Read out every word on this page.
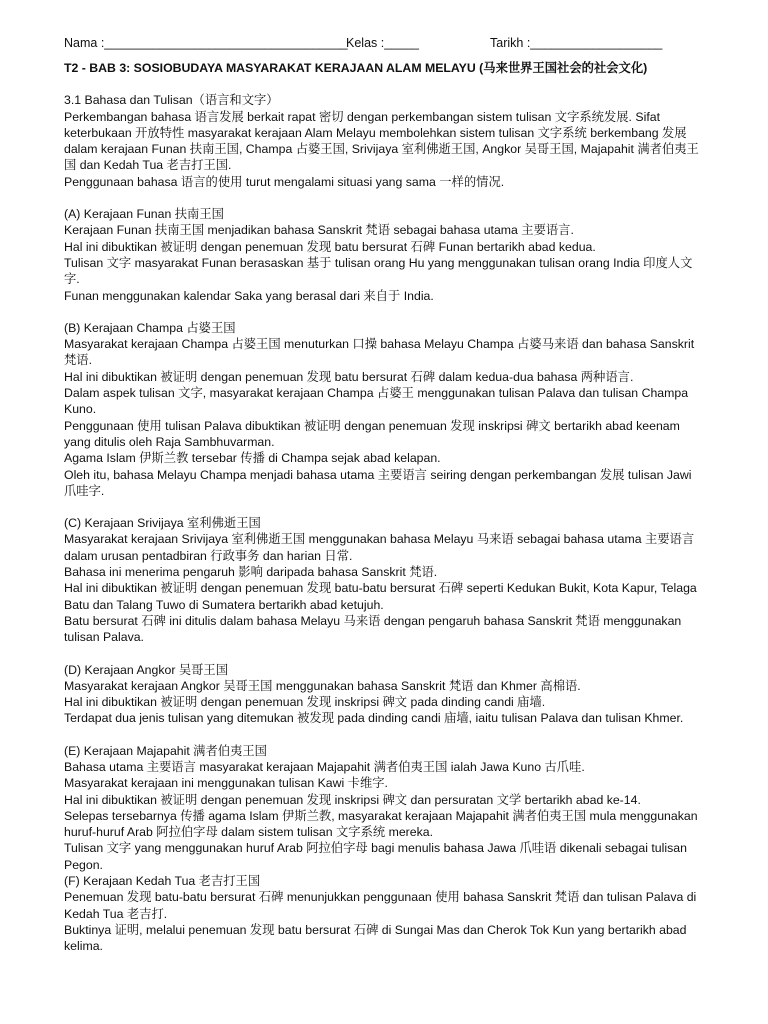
Nama :___________________________________
Kelas :_____	Tarikh :___________________

T2 - BAB 3: SOSIOBUDAYA MASYARAKAT KERAJAAN ALAM MELAYU (马来世界王国社会的社会文化)

3.1 Bahasa dan Tulisan（语言和文字）

Perkembangan bahasa 语言发展 berkait rapat 密切 dengan perkembangan sistem tulisan 文字系统发展. Sifat keterbukaan 开放特性 masyarakat kerajaan Alam Melayu membolehkan sistem tulisan 文字系统 berkembang 发展 dalam kerajaan Funan 扶南王国, Champa 占婆王国, Srivijaya 室利佛逝王国, Angkor 吴哥王国, Majapahit 满者伯夷王国 dan Kedah Tua 老吉打王国.

Penggunaan bahasa 语言的使用 turut mengalami situasi yang sama 一样的情况.

(A) Kerajaan Funan 扶南王国

Kerajaan Funan 扶南王国 menjadikan bahasa Sanskrit 梵语 sebagai bahasa utama 主要语言.

Hal ini dibuktikan 被证明 dengan penemuan 发现 batu bersurat 石碑 Funan bertarikh abad kedua.

Tulisan 文字 masyarakat Funan berasaskan 基于 tulisan orang Hu yang menggunakan tulisan orang India 印度人文字.

Funan menggunakan kalendar Saka yang berasal dari 来自于 India.

(B) Kerajaan Champa 占婆王国

Masyarakat kerajaan Champa 占婆王国 menuturkan 口操 bahasa Melayu Champa 占婆马来语 dan bahasa Sanskrit 梵语.

Hal ini dibuktikan 被证明 dengan penemuan 发现 batu bersurat 石碑 dalam kedua-dua bahasa 两种语言.

Dalam aspek tulisan 文字, masyarakat kerajaan Champa 占婆王 menggunakan tulisan Palava dan tulisan Champa Kuno.

Penggunaan 使用 tulisan Palava dibuktikan 被证明 dengan penemuan 发现 inskripsi 碑文 bertarikh abad keenam yang ditulis oleh Raja Sambhuvarman.

Agama Islam 伊斯兰教 tersebar 传播 di Champa sejak abad kelapan.

Oleh itu, bahasa Melayu Champa menjadi bahasa utama 主要语言 seiring dengan perkembangan 发展 tulisan Jawi 爪哇字.

(C) Kerajaan Srivijaya 室利佛逝王国

Masyarakat kerajaan Srivijaya 室利佛逝王国 menggunakan bahasa Melayu 马来语 sebagai bahasa utama 主要语言 dalam urusan pentadbiran 行政事务 dan harian 日常.

Bahasa ini menerima pengaruh 影响 daripada bahasa Sanskrit 梵语.

Hal ini dibuktikan 被证明 dengan penemuan 发现 batu-batu bersurat 石碑 seperti Kedukan Bukit, Kota Kapur, Telaga Batu dan Talang Tuwo di Sumatera bertarikh abad ketujuh.

Batu bersurat 石碑 ini ditulis dalam bahasa Melayu 马来语 dengan pengaruh bahasa Sanskrit 梵语 menggunakan tulisan Palava.

(D) Kerajaan Angkor 吴哥王国

Masyarakat kerajaan Angkor 吴哥王国 menggunakan bahasa Sanskrit 梵语 dan Khmer 高棉语.

Hal ini dibuktikan 被证明 dengan penemuan 发现 inskripsi 碑文 pada dinding candi 庙墙.

Terdapat dua jenis tulisan yang ditemukan 被发现 pada dinding candi 庙墙, iaitu tulisan Palava dan tulisan Khmer.

(E) Kerajaan Majapahit 满者伯夷王国

Bahasa utama 主要语言 masyarakat kerajaan Majapahit 满者伯夷王国 ialah Jawa Kuno 古爪哇.

Masyarakat kerajaan ini menggunakan tulisan Kawi 卡维字.

Hal ini dibuktikan 被证明 dengan penemuan 发现 inskripsi 碑文 dan persuratan 文学 bertarikh abad ke-14.

Selepas tersebarnya 传播 agama Islam 伊斯兰教, masyarakat kerajaan Majapahit 满者伯夷王国 mula menggunakan huruf-huruf Arab 阿拉伯字母 dalam sistem tulisan 文字系统 mereka.

Tulisan 文字 yang menggunakan huruf Arab 阿拉伯字母 bagi menulis bahasa Jawa 爪哇语 dikenali sebagai tulisan Pegon.

(F) Kerajaan Kedah Tua 老吉打王国

Penemuan 发现 batu-batu bersurat 石碑 menunjukkan penggunaan 使用 bahasa Sanskrit 梵语 dan tulisan Palava di Kedah Tua 老吉打.

Buktinya 证明, melalui penemuan 发现 batu bersurat 石碑 di Sungai Mas dan Cherok Tok Kun yang bertarikh abad kelima.
